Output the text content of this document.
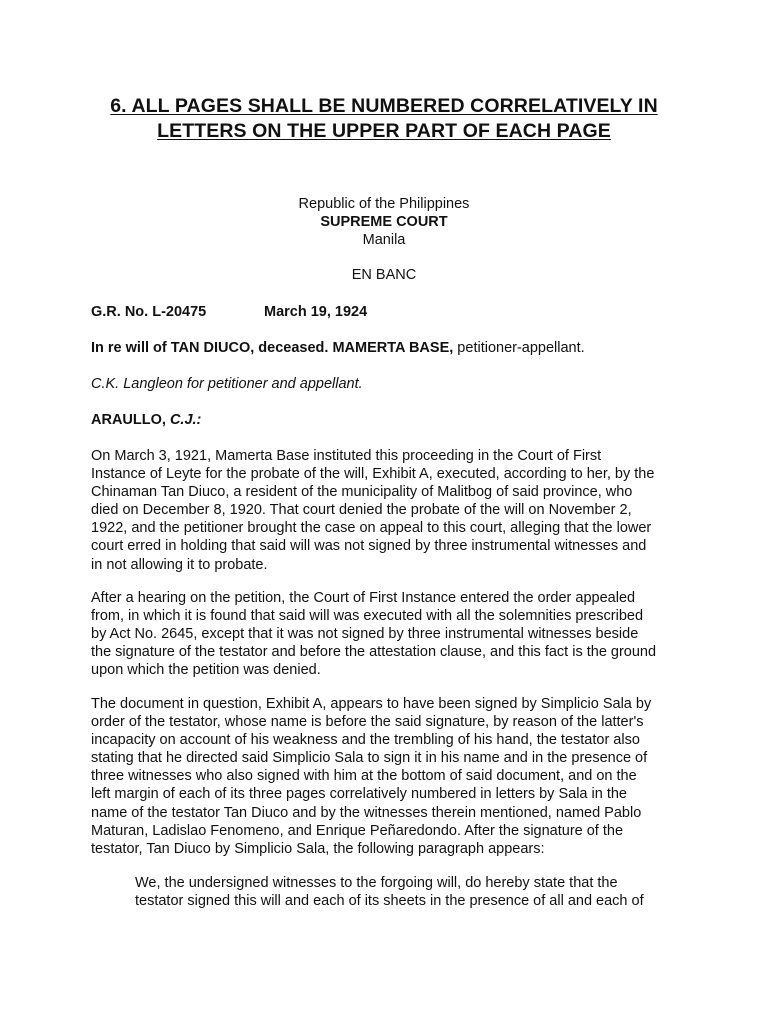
6. ALL PAGES SHALL BE NUMBERED CORRELATIVELY IN
LETTERS ON THE UPPER PART OF EACH PAGE
Republic of the Philippines
SUPREME COURT
Manila
EN BANC
G.R. No. L-20475	March 19, 1924
In re will of TAN DIUCO, deceased. MAMERTA BASE, petitioner-appellant.
C.K. Langleon for petitioner and appellant.
ARAULLO, C.J.:
On March 3, 1921, Mamerta Base instituted this proceeding in the Court of First
Instance of Leyte for the probate of the will, Exhibit A, executed, according to her, by the
Chinaman Tan Diuco, a resident of the municipality of Malitbog of said province, who
died on December 8, 1920. That court denied the probate of the will on November 2,
1922, and the petitioner brought the case on appeal to this court, alleging that the lower
court erred in holding that said will was not signed by three instrumental witnesses and
in not allowing it to probate.
After a hearing on the petition, the Court of First Instance entered the order appealed
from, in which it is found that said will was executed with all the solemnities prescribed
by Act No. 2645, except that it was not signed by three instrumental witnesses beside
the signature of the testator and before the attestation clause, and this fact is the ground
upon which the petition was denied.
The document in question, Exhibit A, appears to have been signed by Simplicio Sala by
order of the testator, whose name is before the said signature, by reason of the latter's
incapacity on account of his weakness and the trembling of his hand, the testator also
stating that he directed said Simplicio Sala to sign it in his name and in the presence of
three witnesses who also signed with him at the bottom of said document, and on the
left margin of each of its three pages correlatively numbered in letters by Sala in the
name of the testator Tan Diuco and by the witnesses therein mentioned, named Pablo
Maturan, Ladislao Fenomeno, and Enrique Peñaredondo. After the signature of the
testator, Tan Diuco by Simplicio Sala, the following paragraph appears:
We, the undersigned witnesses to the forgoing will, do hereby state that the
testator signed this will and each of its sheets in the presence of all and each of
